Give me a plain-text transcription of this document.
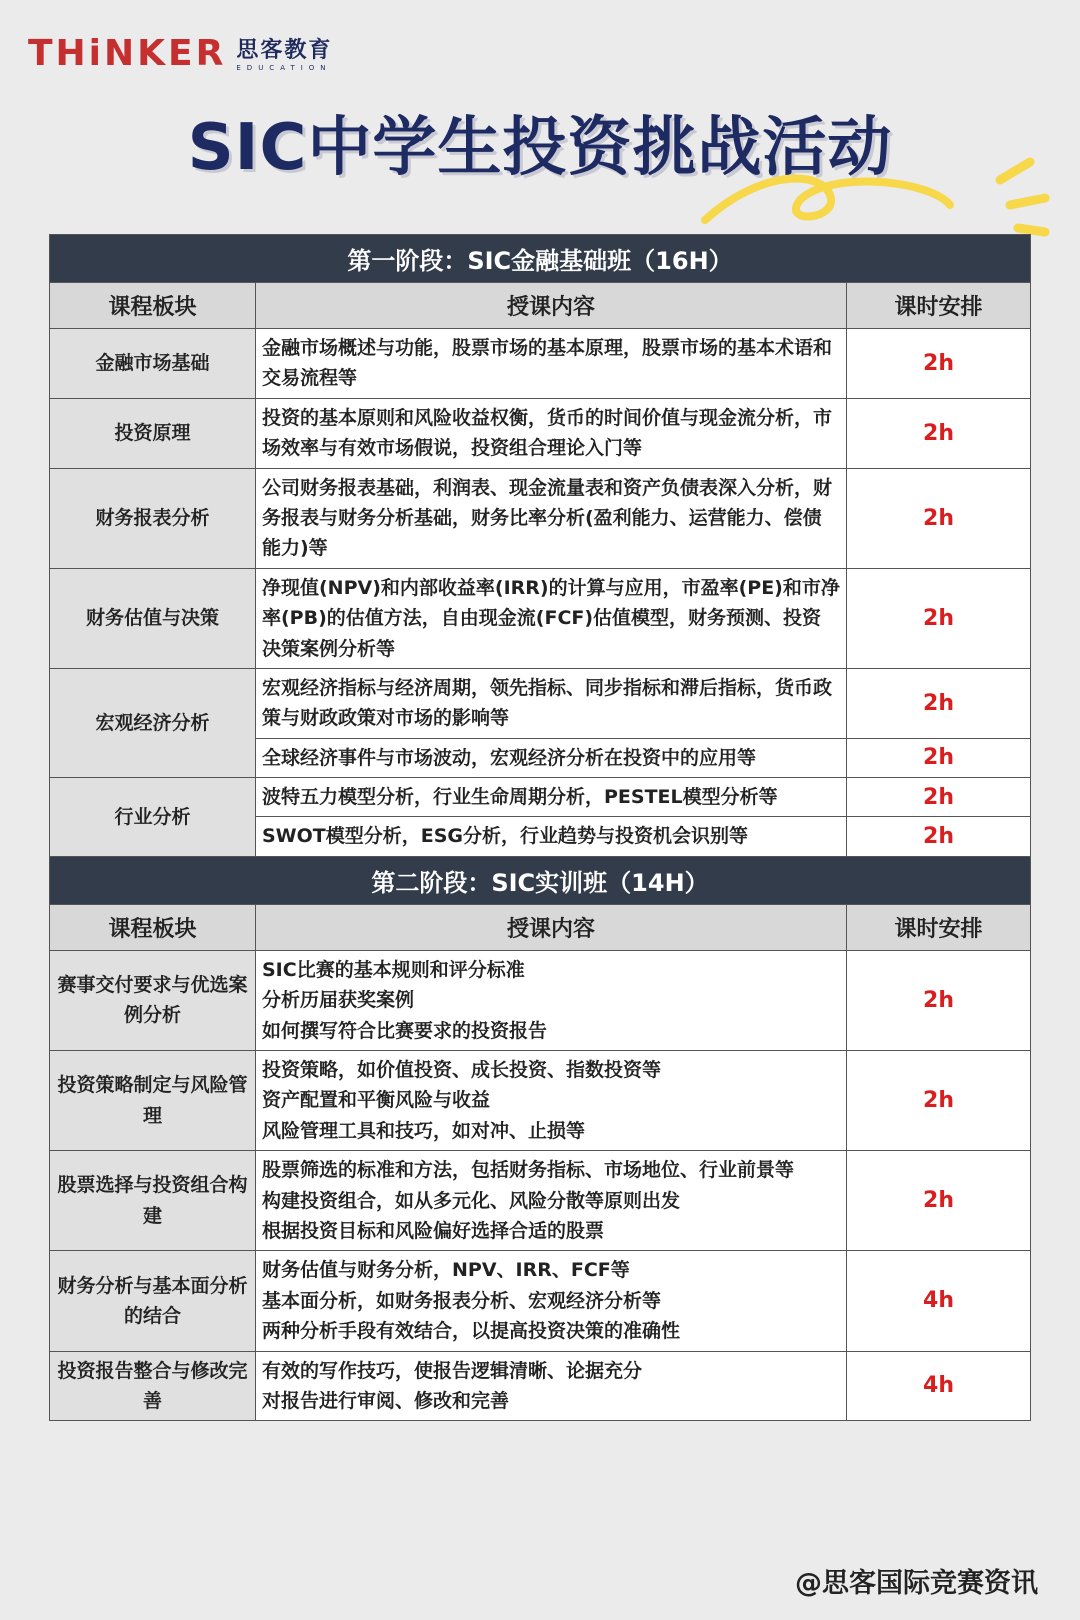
THiNKER 思客教育
EDUCATION
SIC中学生投资挑战活动
第一阶段：SIC金融基础班（16H）		
课程板块	授课内容	课时安排
金融市场基础	金融市场概述与功能，股票市场的基本原理，股票市场的基本术语和交易流程等	2h
投资原理	投资的基本原则和风险收益权衡，货币的时间价值与现金流分析，市场效率与有效市场假说，投资组合理论入门等	2h
财务报表分析	公司财务报表基础，利润表、现金流量表和资产负债表深入分析，财务报表与财务分析基础，财务比率分析(盈利能力、运营能力、偿债能力)等	2h
财务估值与决策	净现值(NPV)和内部收益率(IRR)的计算与应用，市盈率(PE)和市净率(PB)的估值方法，自由现金流(FCF)估值模型，财务预测、投资决策案例分析等	2h
宏观经济分析	宏观经济指标与经济周期，领先指标、同步指标和滞后指标，货币政策与财政政策对市场的影响等	2h

	全球经济事件与市场波动，宏观经济分析在投资中的应用等	2h
行业分析	波特五力模型分析，行业生命周期分析，PESTEL模型分析等	2h

	SWOT模型分析，ESG分析，行业趋势与投资机会识别等	2h
第二阶段：SIC实训班（14H）		
课程板块	授课内容	课时安排
赛事交付要求与优选案例分析	SIC比赛的基本规则和评分标准
分析历届获奖案例
如何撰写符合比赛要求的投资报告	2h
投资策略制定与风险管理	投资策略，如价值投资、成长投资、指数投资等
资产配置和平衡风险与收益
风险管理工具和技巧，如对冲、止损等	2h
股票选择与投资组合构建	股票筛选的标准和方法，包括财务指标、市场地位、行业前景等
构建投资组合，如从多元化、风险分散等原则出发
根据投资目标和风险偏好选择合适的股票	2h
财务分析与基本面分析的结合	财务估值与财务分析，NPV、IRR、FCF等
基本面分析，如财务报表分析、宏观经济分析等
两种分析手段有效结合，以提高投资决策的准确性	4h
投资报告整合与修改完善	有效的写作技巧，使报告逻辑清晰、论据充分
对报告进行审阅、修改和完善	4h
@思客国际竞赛资讯
